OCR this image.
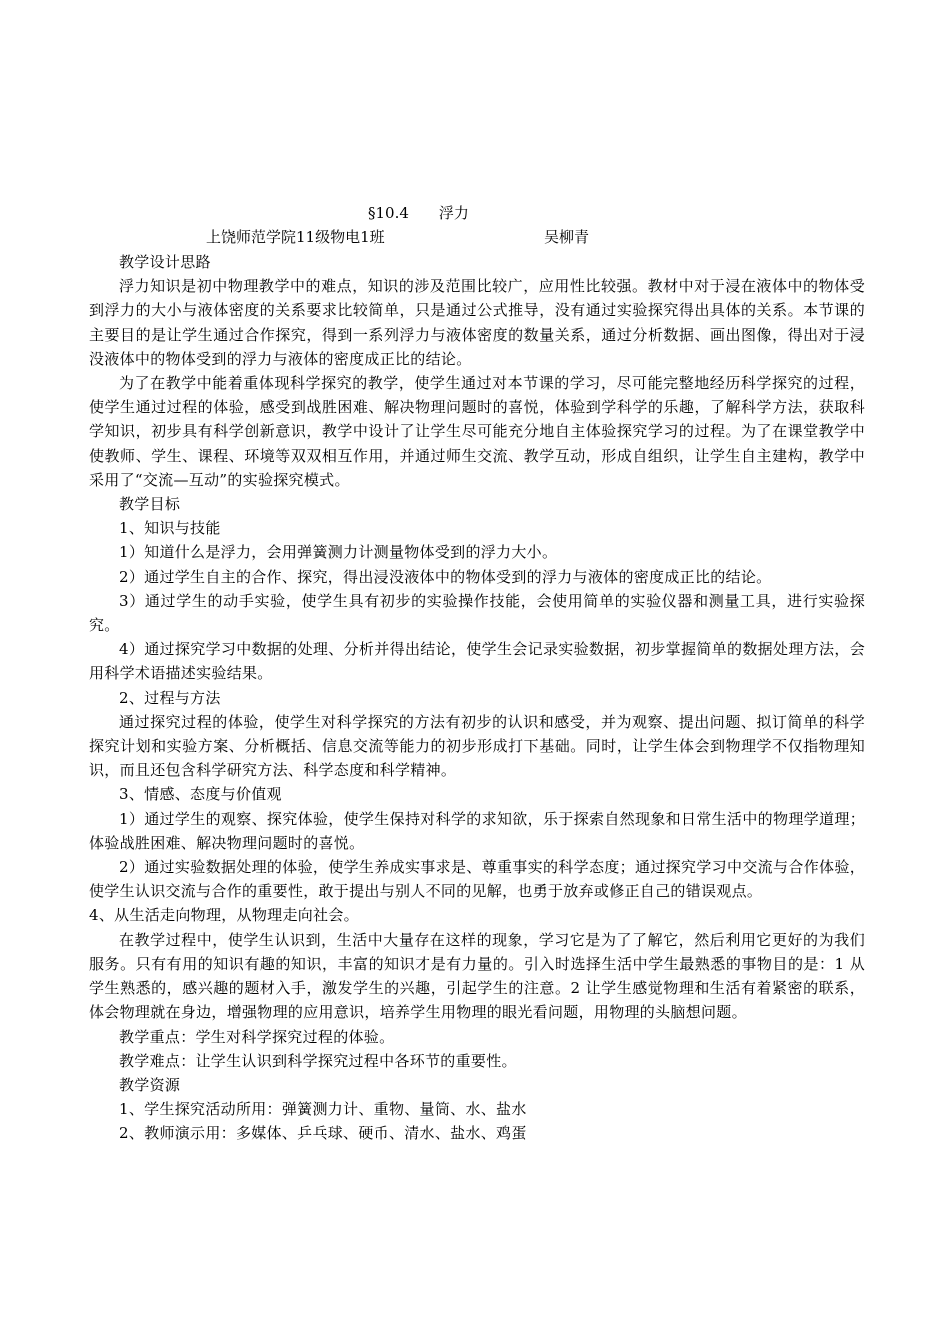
§10.4　　浮力
上饶师范学院11级物电1班	吴柳青

教学设计思路

浮力知识是初中物理教学中的难点，知识的涉及范围比较广，应用性比较强。教材中对于浸在液体中的物体受到浮力的大小与液体密度的关系要求比较简单，只是通过公式推导，没有通过实验探究得出具体的关系。本节课的主要目的是让学生通过合作探究，得到一系列浮力与液体密度的数量关系，通过分析数据、画出图像，得出对于浸没液体中的物体受到的浮力与液体的密度成正比的结论。

为了在教学中能着重体现科学探究的教学，使学生通过对本节课的学习，尽可能完整地经历科学探究的过程，使学生通过过程的体验，感受到战胜困难、解决物理问题时的喜悦，体验到学科学的乐趣，了解科学方法，获取科学知识，初步具有科学创新意识，教学中设计了让学生尽可能充分地自主体验探究学习的过程。为了在课堂教学中使教师、学生、课程、环境等双双相互作用，并通过师生交流、教学互动，形成自组织，让学生自主建构，教学中采用了“交流—互动”的实验探究模式。

教学目标

1、知识与技能

1）知道什么是浮力，会用弹簧测力计测量物体受到的浮力大小。

2）通过学生自主的合作、探究，得出浸没液体中的物体受到的浮力与液体的密度成正比的结论。

3）通过学生的动手实验，使学生具有初步的实验操作技能，会使用简单的实验仪器和测量工具，进行实验探究。

4）通过探究学习中数据的处理、分析并得出结论，使学生会记录实验数据，初步掌握简单的数据处理方法，会用科学术语描述实验结果。

2、过程与方法

通过探究过程的体验，使学生对科学探究的方法有初步的认识和感受，并为观察、提出问题、拟订简单的科学探究计划和实验方案、分析概括、信息交流等能力的初步形成打下基础。同时，让学生体会到物理学不仅指物理知识，而且还包含科学研究方法、科学态度和科学精神。

3、情感、态度与价值观

1）通过学生的观察、探究体验，使学生保持对科学的求知欲，乐于探索自然现象和日常生活中的物理学道理；体验战胜困难、解决物理问题时的喜悦。

2）通过实验数据处理的体验，使学生养成实事求是、尊重事实的科学态度；通过探究学习中交流与合作体验，使学生认识交流与合作的重要性，敢于提出与别人不同的见解，也勇于放弃或修正自己的错误观点。

4、从生活走向物理，从物理走向社会。

在教学过程中，使学生认识到，生活中大量存在这样的现象，学习它是为了了解它，然后利用它更好的为我们服务。只有有用的知识有趣的知识，丰富的知识才是有力量的。引入时选择生活中学生最熟悉的事物目的是：1 从学生熟悉的，感兴趣的题材入手，激发学生的兴趣，引起学生的注意。2 让学生感觉物理和生活有着紧密的联系，体会物理就在身边，增强物理的应用意识，培养学生用物理的眼光看问题，用物理的头脑想问题。

教学重点：学生对科学探究过程的体验。

教学难点：让学生认识到科学探究过程中各环节的重要性。

教学资源

1、学生探究活动所用：弹簧测力计、重物、量筒、水、盐水

2、教师演示用：多媒体、乒乓球、硬币、清水、盐水、鸡蛋
